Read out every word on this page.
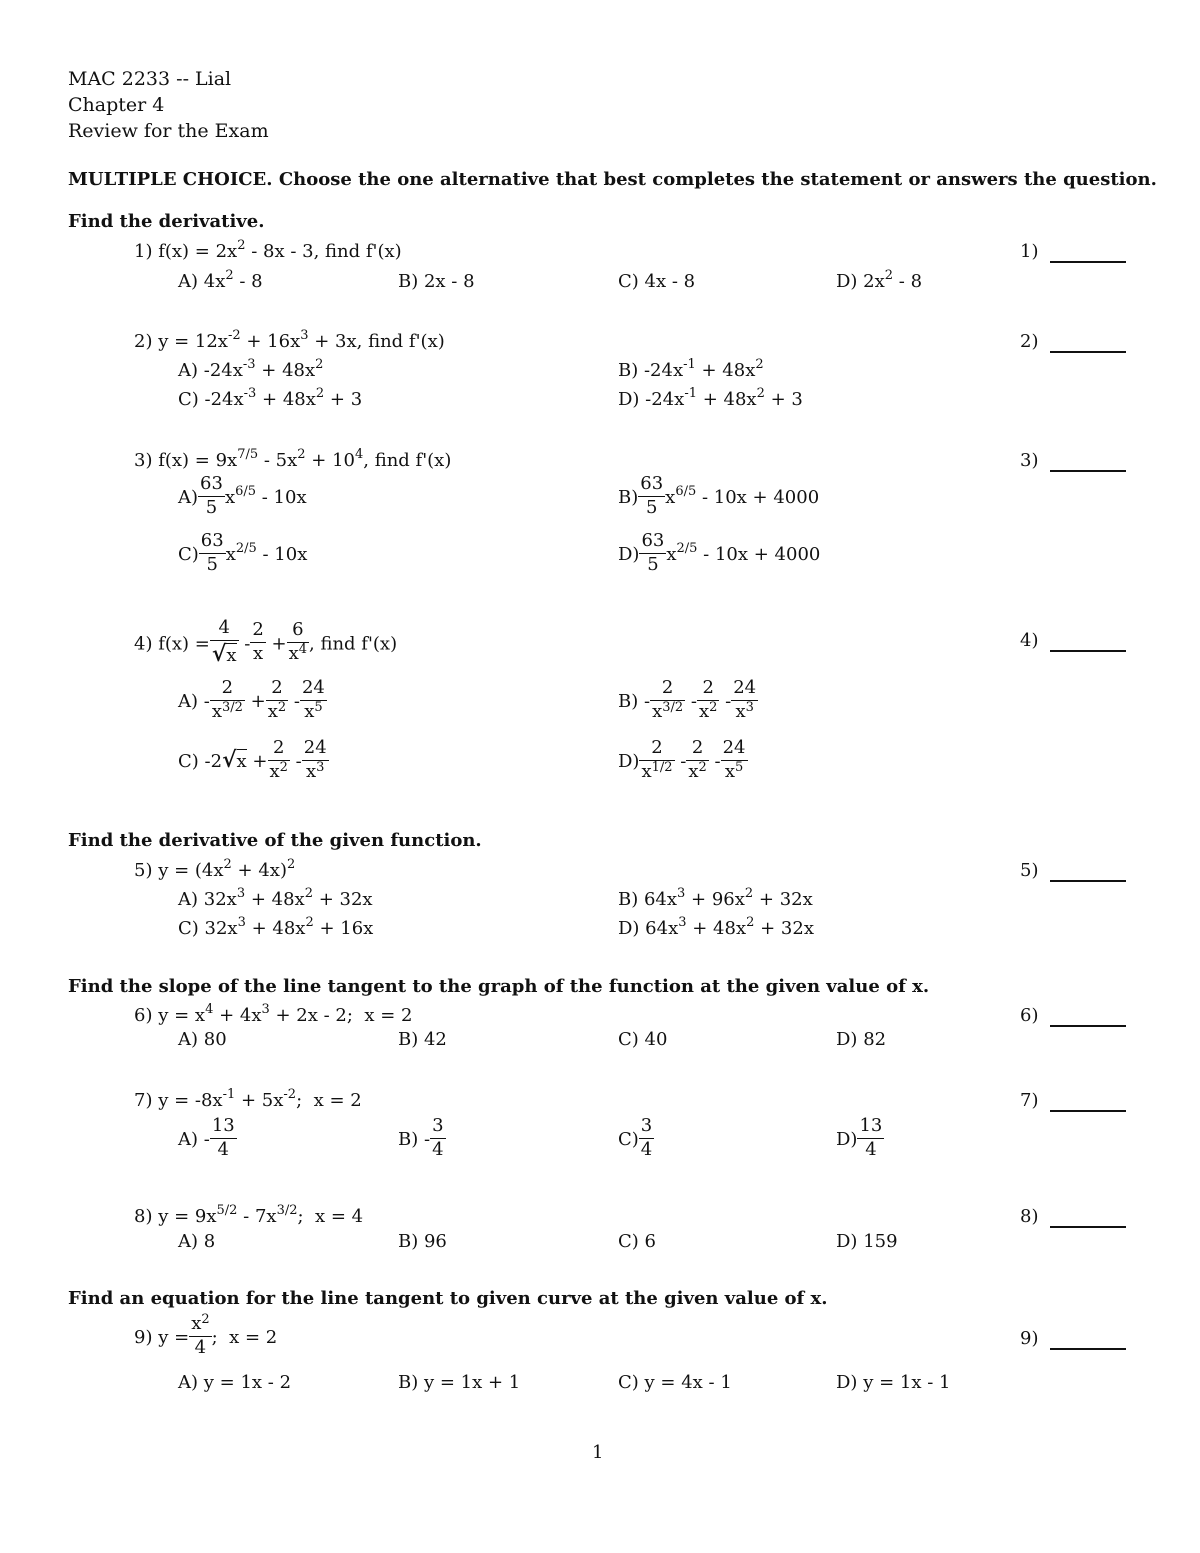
MAC 2233 -- Lial
Chapter 4
Review for the Exam
MULTIPLE CHOICE. Choose the one alternative that best completes the statement or answers the question.
Find the derivative.
1) $f(x) = 2x^2 - 8x - 3$, find f'(x)	1)
A) $4x^2 - 8$	B) 2x - 8	C) 4x - 8	D) $2x^2 - 8$
2) $y = 12x^{-2} + 16x^3 + 3x$, find f'(x)	2)
A) $-24x^{-3} + 48x^2$	B) $-24x^{-1} + 48x^2$
C) $-24x^{-3} + 48x^2 + 3$	D) $-24x^{-1} + 48x^2 + 3$
3) $f(x) = 9x^{7/5} - 5x^2 + 10^4$, find f'(x)	3)
$A) \frac{63}{5} x^{6/5} - 10x$	$B) \frac{63}{5} x^{6/5} - 10x + 4000$
$C) \frac{63}{5} x^{2/5} - 10x$	$D) \frac{63}{5} x^{2/5} - 10x + 4000$
4) $f(x) = \frac{4}{√x} - \frac{2}{x} + \frac{6}{x^4}$ , find f'(x)	4)
$A) - \frac{2}{x^{3/2}} + \frac{2}{x^2} - \frac{24}{x^5}$	$B) - \frac{2}{x^{3/2}} - \frac{2}{x^2} - \frac{24}{x^3}$
C) $-2√x + \frac{2}{x^2} - \frac{24}{x^3}$	$D) \frac{2}{x^{1/2}} - \frac{2}{x^2} - \frac{24}{x^5}$
Find the derivative of the given function.
5) $y = (4x^2 + 4x)^2$	5)
A) $32x^3 + 48x^2 + 32x$	B) $64x^3 + 96x^2 + 32x$
C) $32x^3 + 48x^2 + 16x$	D) $64x^3 + 48x^2 + 32x$
Find the slope of the line tangent to the graph of the function at the given value of x.
6) $y = x^4 + 4x^3 + 2x - 2$;  x = 2	6)
A) 80	B) 42	C) 40	D) 82
7) $y = -8x^{-1} + 5x^{-2}$;  x = 2	7)
$A) - \frac{13}{4}$	$B) - \frac{3}{4}$	$C) \frac{3}{4}$	$D) \frac{13}{4}$
8) $y = 9x^{5/2} - 7x^{3/2}$;  x = 4	8)
A) 8	B) 96	C) 6	D) 159
Find an equation for the line tangent to given curve at the given value of x.
9) $y = \frac{x^2}{4}$ ;  x = 2	9)
A) y = 1x - 2	B) y = 1x + 1	C) y = 4x - 1	D) y = 1x - 1
1
